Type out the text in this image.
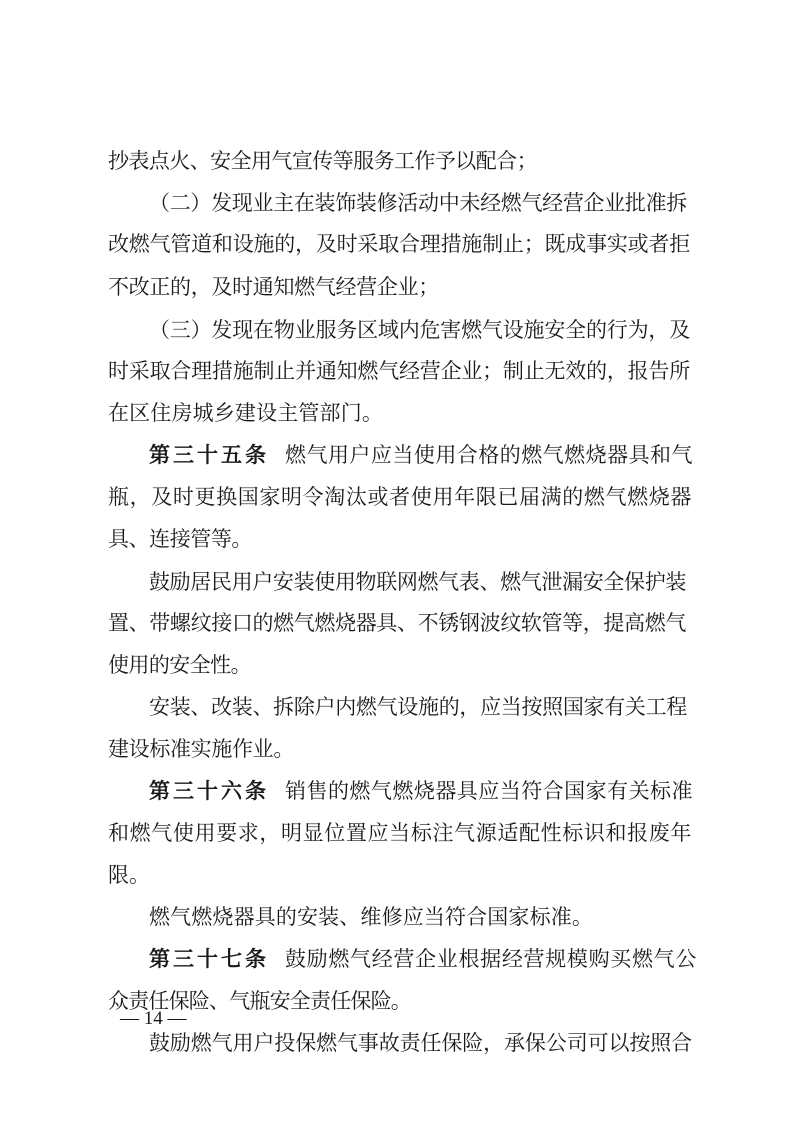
抄表点火、安全用气宣传等服务工作予以配合；
（二）发现业主在装饰装修活动中未经燃气经营企业批准拆
改燃气管道和设施的，及时采取合理措施制止；既成事实或者拒
不改正的，及时通知燃气经营企业；
（三）发现在物业服务区域内危害燃气设施安全的行为，及
时采取合理措施制止并通知燃气经营企业；制止无效的，报告所
在区住房城乡建设主管部门。
第三十五条 燃气用户应当使用合格的燃气燃烧器具和气
瓶，及时更换国家明令淘汰或者使用年限已届满的燃气燃烧器
具、连接管等。
鼓励居民用户安装使用物联网燃气表、燃气泄漏安全保护装
置、带螺纹接口的燃气燃烧器具、不锈钢波纹软管等，提高燃气
使用的安全性。
安装、改装、拆除户内燃气设施的，应当按照国家有关工程
建设标准实施作业。
第三十六条 销售的燃气燃烧器具应当符合国家有关标准
和燃气使用要求，明显位置应当标注气源适配性标识和报废年
限。
燃气燃烧器具的安装、维修应当符合国家标准。
第三十七条 鼓励燃气经营企业根据经营规模购买燃气公
众责任保险、气瓶安全责任保险。
鼓励燃气用户投保燃气事故责任保险，承保公司可以按照合
— 14 —
